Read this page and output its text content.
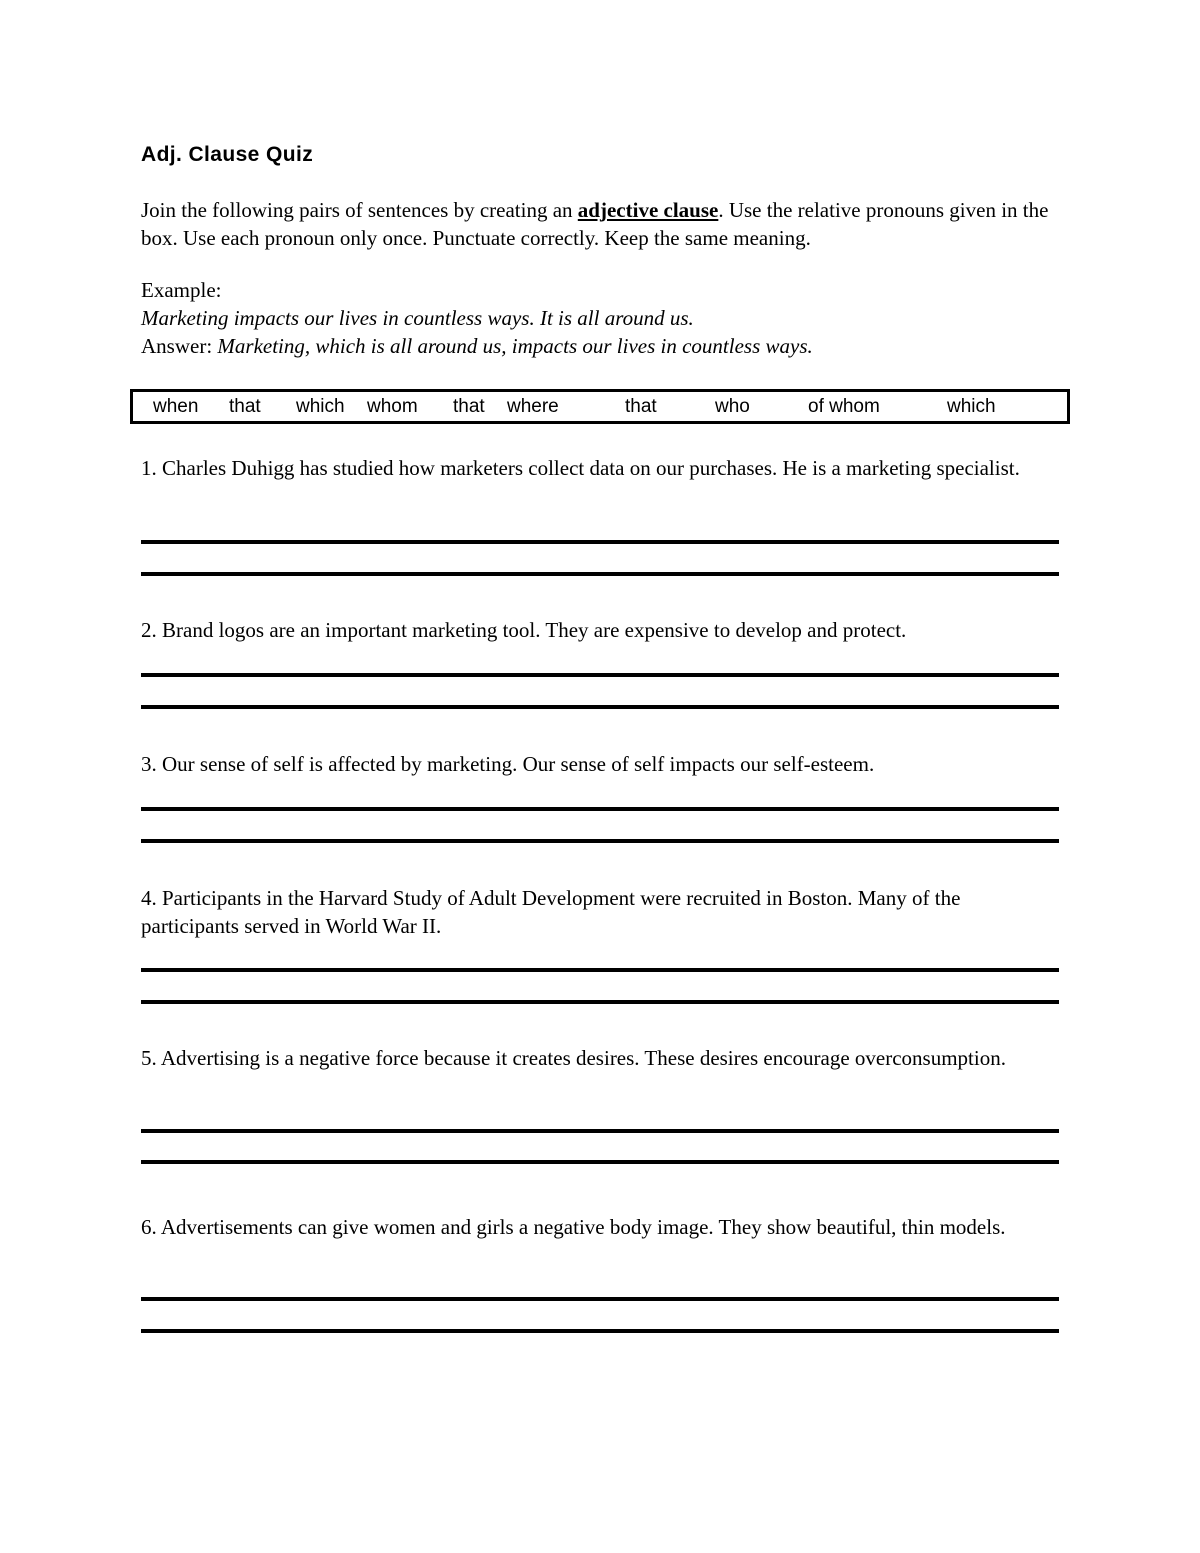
Adj. Clause Quiz

Join the following pairs of sentences by creating an adjective clause. Use the relative pronouns given in the box. Use each pronoun only once. Punctuate correctly. Keep the same meaning.

Example:
Marketing impacts our lives in countless ways. It is all around us.
Answer: Marketing, which is all around us, impacts our lives in countless ways.
when that which whom that where	that	who	of whom	which

1. Charles Duhigg has studied how marketers collect data on our purchases. He is a marketing specialist.

2. Brand logos are an important marketing tool. They are expensive to develop and protect.

3. Our sense of self is affected by marketing. Our sense of self impacts our self-esteem.

4. Participants in the Harvard Study of Adult Development were recruited in Boston. Many of the participants served in World War II.

5. Advertising is a negative force because it creates desires. These desires encourage overconsumption.

6. Advertisements can give women and girls a negative body image. They show beautiful, thin models.
